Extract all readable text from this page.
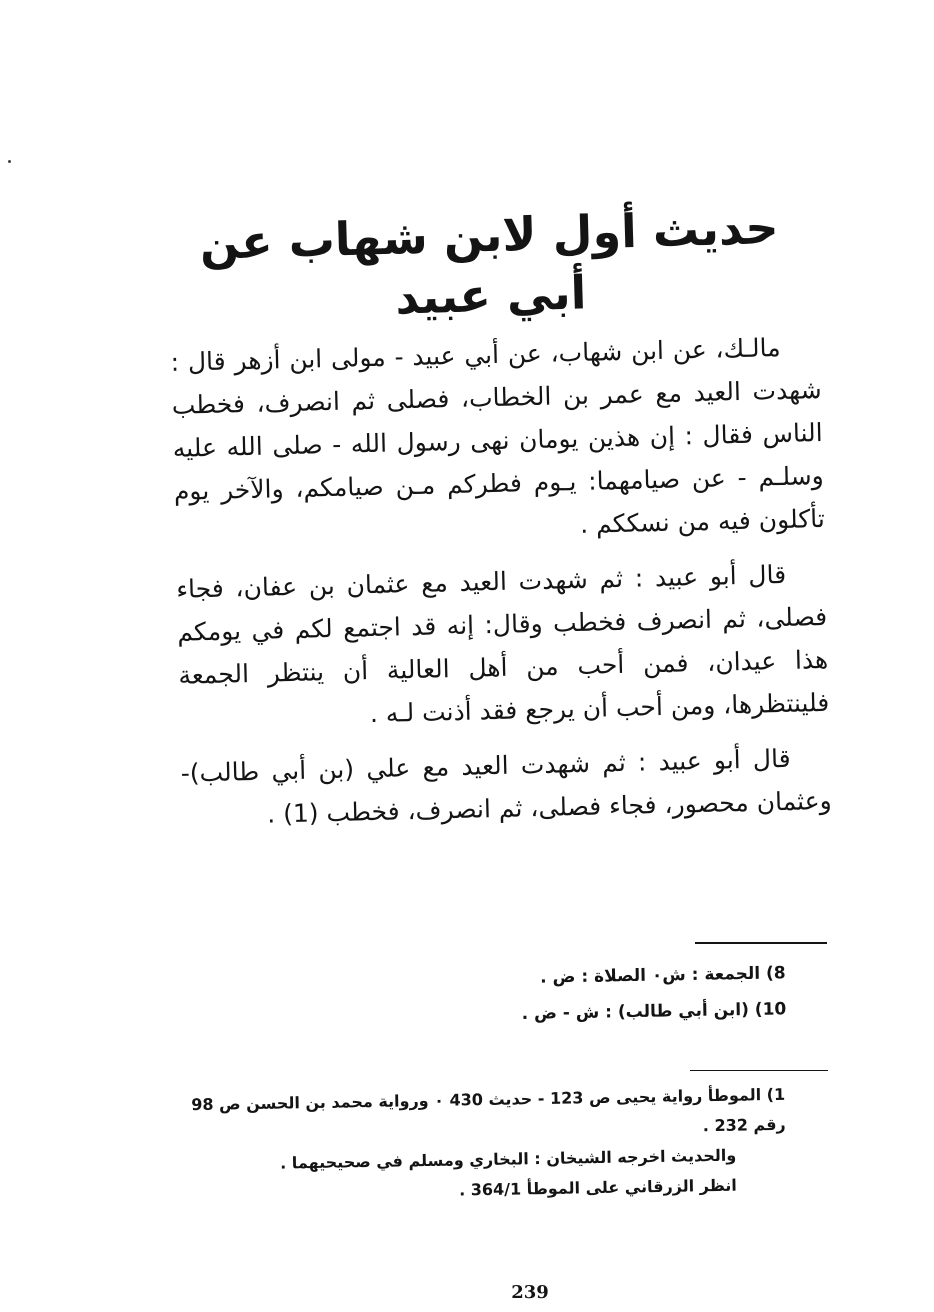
حديث أول لابن شهاب عن أبي عبيد

مالـك، عن ابن شهاب، عن أبي عبيد - مولى ابن أزهر قال : شهدت العيد مع عمر بن الخطاب، فصلى ثم انصرف، فخطب الناس فقال : إن هذين يومان نهى رسول الله - صلى الله عليه وسلـم - عن صيامهما: يـوم فطركم مـن صيامكم، والآخر يوم تأكلون فيه من نسككم .

قال أبو عبيد : ثم شهدت العيد مع عثمان بن عفان، فجاء فصلى، ثم انصرف فخطب وقال: إنه قد اجتمع لكم في يومكم هذا عيدان، فمن أحب من أهل العالية أن ينتظر الجمعة فلينتظرها، ومن أحب أن يرجع فقد أذنت لـه .

قال أبو عبيد : ثم شهدت العيد مع علي (بن أبي طالب)- وعثمان محصور، فجاء فصلى، ثم انصرف، فخطب (1) .

8) الجمعة : ش٠ الصلاة : ض .
10) (ابن أبي طالب) : ش - ض .

1) الموطأ رواية يحيى ص 123 - حديث 430 ٠ ورواية محمد بن الحسن ص 98 رقم 232 .

والحديث اخرجه الشيخان : البخاري ومسلم في صحيحيهما .

انظر الزرقاني على الموطأ 364/1 .

239
